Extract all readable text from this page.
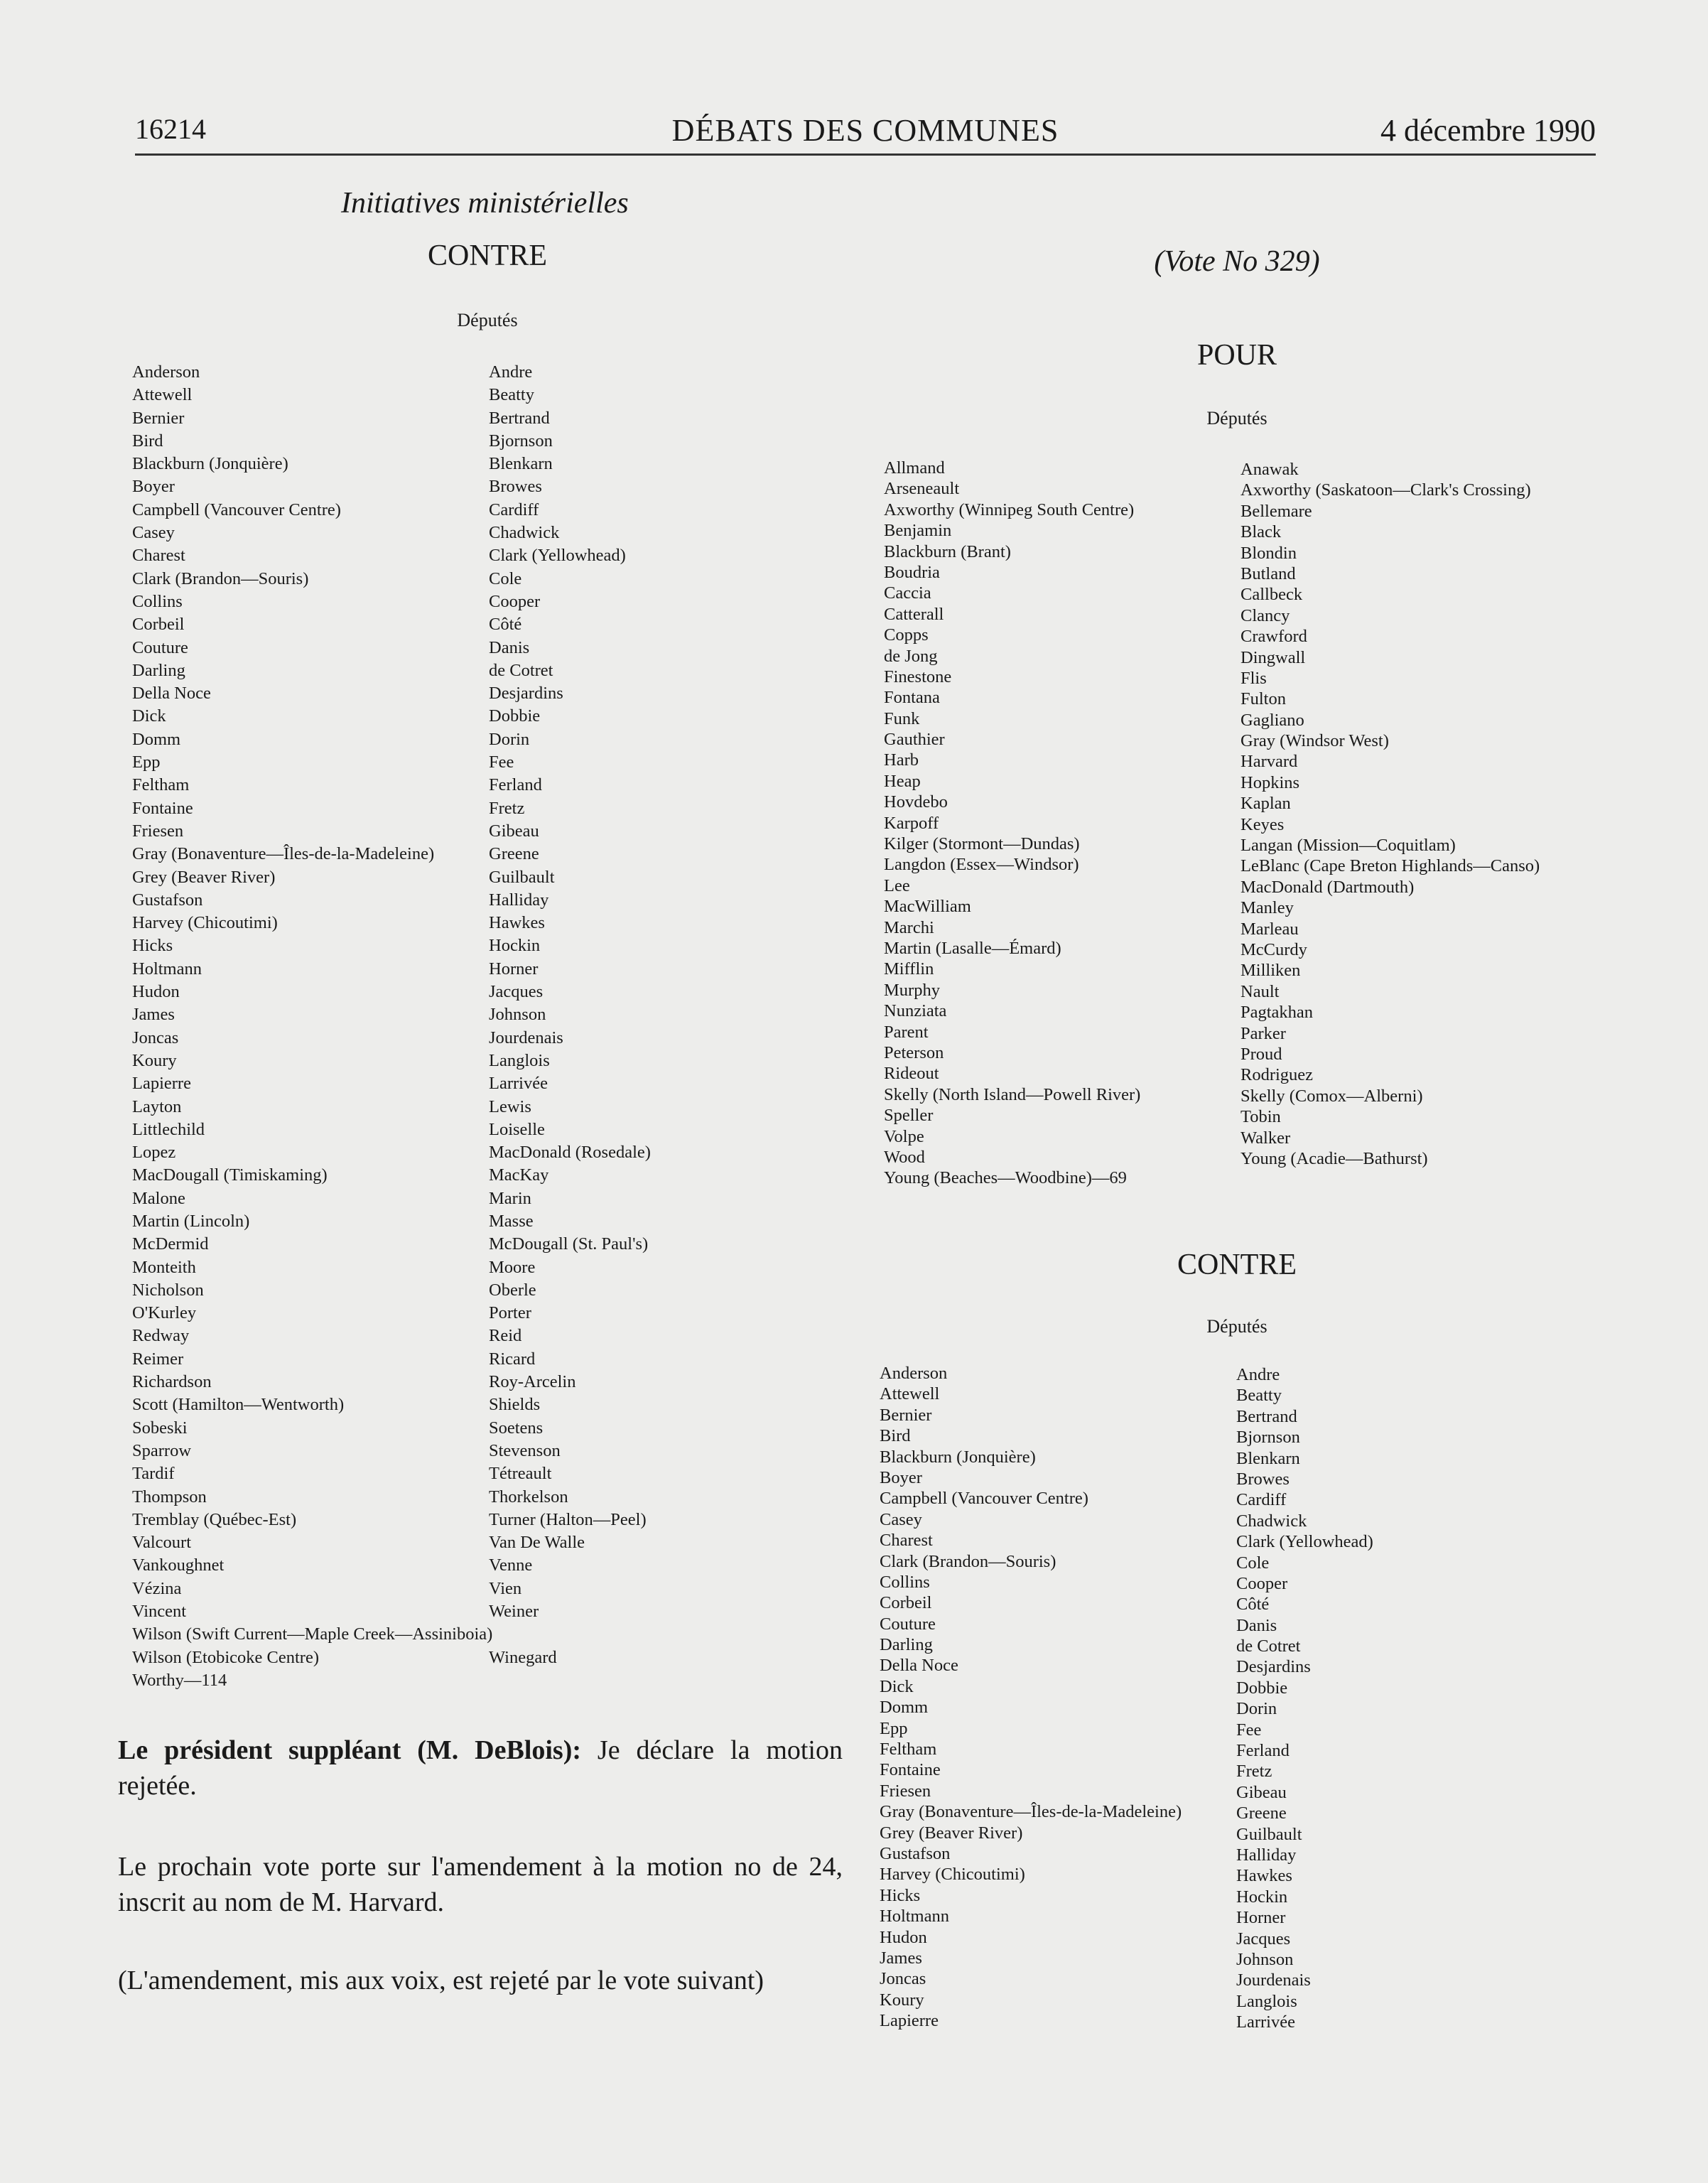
16214	DÉBATS DES COMMUNES	4 décembre 1990
Initiatives ministérielles
CONTRE
Députés
Anderson
Attewell
Bernier
Bird
Blackburn (Jonquière)
Boyer
Campbell (Vancouver Centre)
Casey
Charest
Clark (Brandon—Souris)
Collins
Corbeil
Couture
Darling
Della Noce
Dick
Domm
Epp
Feltham
Fontaine
Friesen
Gray (Bonaventure—Îles-de-la-Madeleine)
Grey (Beaver River)
Gustafson
Harvey (Chicoutimi)
Hicks
Holtmann
Hudon
James
Joncas
Koury
Lapierre
Layton
Littlechild
Lopez
MacDougall (Timiskaming)
Malone
Martin (Lincoln)
McDermid
Monteith
Nicholson
O'Kurley
Redway
Reimer
Richardson
Scott (Hamilton—Wentworth)
Sobeski
Sparrow
Tardif
Thompson
Tremblay (Québec-Est)
Valcourt
Vankoughnet
Vézina
Vincent
Wilson (Swift Current—Maple Creek—Assiniboia)
Wilson (Etobicoke Centre)
Worthy—114
Andre
Beatty
Bertrand
Bjornson
Blenkarn
Browes
Cardiff
Chadwick
Clark (Yellowhead)
Cole
Cooper
Côté
Danis
de Cotret
Desjardins
Dobbie
Dorin
Fee
Ferland
Fretz
Gibeau
Greene
Guilbault
Halliday
Hawkes
Hockin
Horner
Jacques
Johnson
Jourdenais
Langlois
Larrivée
Lewis
Loiselle
MacDonald (Rosedale)
MacKay
Marin
Masse
McDougall (St. Paul's)
Moore
Oberle
Porter
Reid
Ricard
Roy-Arcelin
Shields
Soetens
Stevenson
Tétreault
Thorkelson
Turner (Halton—Peel)
Van De Walle
Venne
Vien
Weiner
Winegard

Le président suppléant (M. DeBlois): Je déclare la motion rejetée.

Le prochain vote porte sur l'amendement à la motion no de 24, inscrit au nom de M. Harvard.

(L'amendement, mis aux voix, est rejeté par le vote suivant)

(Vote No 329)
POUR
Députés
Allmand
Arseneault
Axworthy (Winnipeg South Centre)
Benjamin
Blackburn (Brant)
Boudria
Caccia
Catterall
Copps
de Jong
Finestone
Fontana
Funk
Gauthier
Harb
Heap
Hovdebo
Karpoff
Kilger (Stormont—Dundas)
Langdon (Essex—Windsor)
Lee
MacWilliam
Marchi
Martin (Lasalle—Émard)
Mifflin
Murphy
Nunziata
Parent
Peterson
Rideout
Skelly (North Island—Powell River)
Speller
Volpe
Wood
Young (Beaches—Woodbine)—69
Anawak
Axworthy (Saskatoon—Clark's Crossing)
Bellemare
Black
Blondin
Butland
Callbeck
Clancy
Crawford
Dingwall
Flis
Fulton
Gagliano
Gray (Windsor West)
Harvard
Hopkins
Kaplan
Keyes
Langan (Mission—Coquitlam)
LeBlanc (Cape Breton Highlands—Canso)
MacDonald (Dartmouth)
Manley
Marleau
McCurdy
Milliken
Nault
Pagtakhan
Parker
Proud
Rodriguez
Skelly (Comox—Alberni)
Tobin
Walker
Young (Acadie—Bathurst)
CONTRE
Députés
Anderson
Attewell
Bernier
Bird
Blackburn (Jonquière)
Boyer
Campbell (Vancouver Centre)
Casey
Charest
Clark (Brandon—Souris)
Collins
Corbeil
Couture
Darling
Della Noce
Dick
Domm
Epp
Feltham
Fontaine
Friesen
Gray (Bonaventure—Îles-de-la-Madeleine)
Grey (Beaver River)
Gustafson
Harvey (Chicoutimi)
Hicks
Holtmann
Hudon
James
Joncas
Koury
Lapierre
Andre
Beatty
Bertrand
Bjornson
Blenkarn
Browes
Cardiff
Chadwick
Clark (Yellowhead)
Cole
Cooper
Côté
Danis
de Cotret
Desjardins
Dobbie
Dorin
Fee
Ferland
Fretz
Gibeau
Greene
Guilbault
Halliday
Hawkes
Hockin
Horner
Jacques
Johnson
Jourdenais
Langlois
Larrivée
